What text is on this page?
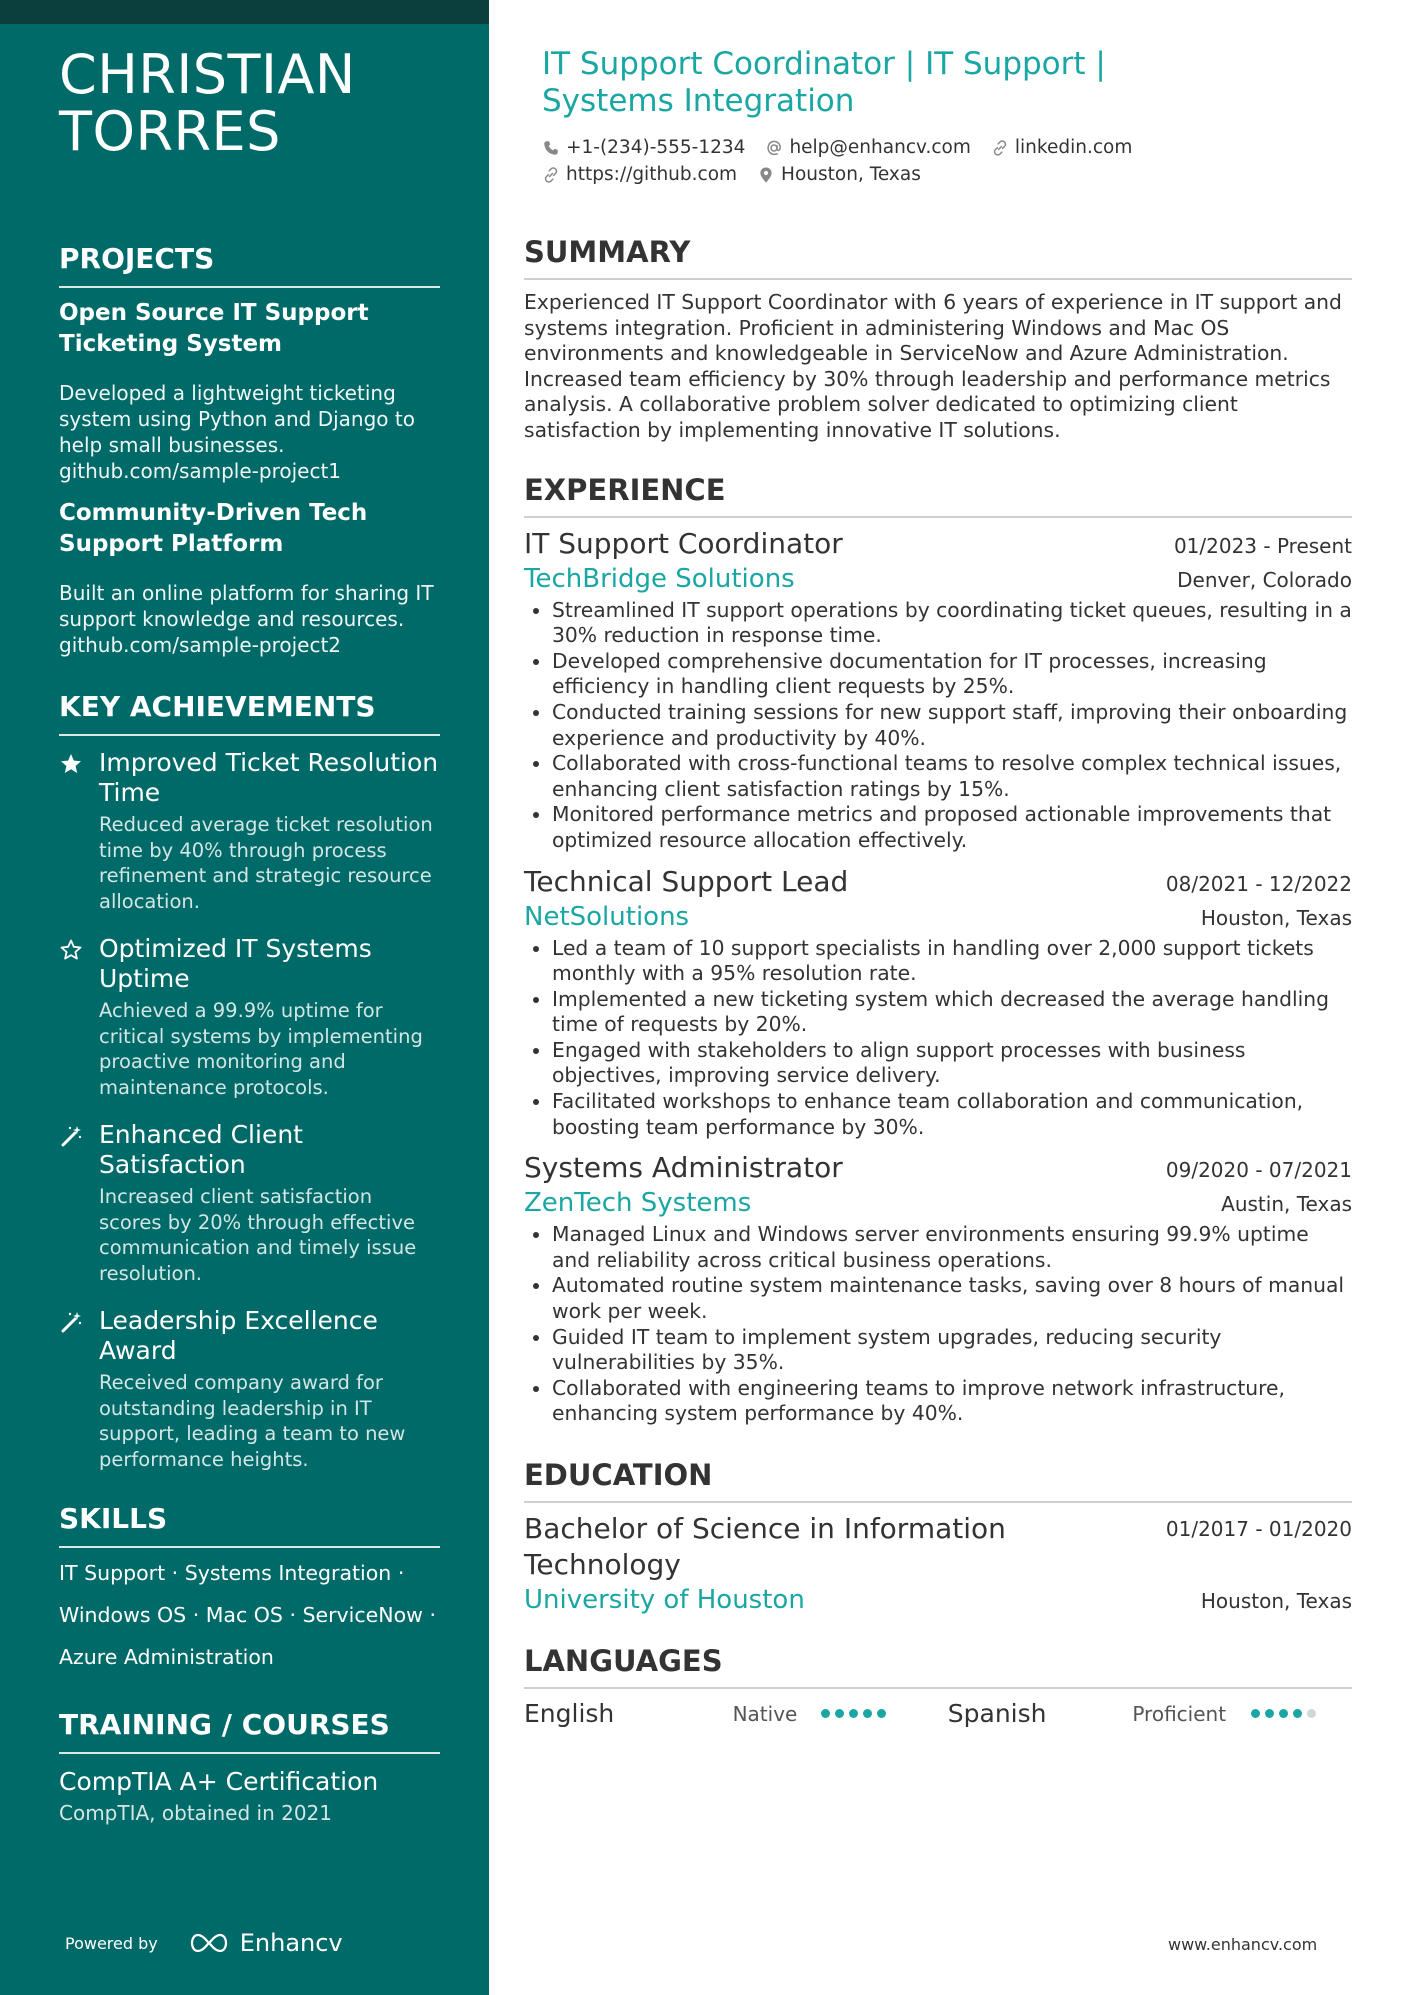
CHRISTIAN
TORRES
PROJECTS
Open Source IT Support Ticketing System
Developed a lightweight ticketing system using Python and Django to help small businesses.
github.com/sample-project1
Community-Driven Tech Support Platform
Built an online platform for sharing IT support knowledge and resources.
github.com/sample-project2
KEY ACHIEVEMENTS
Improved Ticket Resolution Time
Reduced average ticket resolution time by 40% through process refinement and strategic resource allocation.
Optimized IT Systems Uptime
Achieved a 99.9% uptime for critical systems by implementing proactive monitoring and maintenance protocols.
Enhanced Client Satisfaction
Increased client satisfaction scores by 20% through effective communication and timely issue resolution.
Leadership Excellence Award
Received company award for outstanding leadership in IT support, leading a team to new performance heights.
SKILLS
IT Support · Systems Integration ·
Windows OS · Mac OS · ServiceNow ·
Azure Administration
TRAINING / COURSES
CompTIA A+ Certification
CompTIA, obtained in 2021
Powered by	Enhancv
IT Support Coordinator | IT Support | Systems Integration
+1-(234)-555-1234 help@enhancv.com linkedin.com
https://github.com Houston, Texas
SUMMARY
Experienced IT Support Coordinator with 6 years of experience in IT support and systems integration. Proficient in administering Windows and Mac OS environments and knowledgeable in ServiceNow and Azure Administration. Increased team efficiency by 30% through leadership and performance metrics analysis. A collaborative problem solver dedicated to optimizing client satisfaction by implementing innovative IT solutions.
EXPERIENCE
IT Support Coordinator	01/2023 - Present
TechBridge Solutions	Denver, Colorado
• Streamlined IT support operations by coordinating ticket queues, resulting in a 30% reduction in response time.
• Developed comprehensive documentation for IT processes, increasing efficiency in handling client requests by 25%.
• Conducted training sessions for new support staff, improving their onboarding experience and productivity by 40%.
• Collaborated with cross-functional teams to resolve complex technical issues, enhancing client satisfaction ratings by 15%.
• Monitored performance metrics and proposed actionable improvements that optimized resource allocation effectively.
Technical Support Lead	08/2021 - 12/2022
NetSolutions	Houston, Texas
• Led a team of 10 support specialists in handling over 2,000 support tickets monthly with a 95% resolution rate.
• Implemented a new ticketing system which decreased the average handling time of requests by 20%.
• Engaged with stakeholders to align support processes with business objectives, improving service delivery.
• Facilitated workshops to enhance team collaboration and communication, boosting team performance by 30%.
Systems Administrator	09/2020 - 07/2021
ZenTech Systems	Austin, Texas
• Managed Linux and Windows server environments ensuring 99.9% uptime and reliability across critical business operations.
• Automated routine system maintenance tasks, saving over 8 hours of manual work per week.
• Guided IT team to implement system upgrades, reducing security vulnerabilities by 35%.
• Collaborated with engineering teams to improve network infrastructure, enhancing system performance by 40%.
EDUCATION
Bachelor of Science in Information Technology
01/2017 - 01/2020
University of Houston	Houston, Texas
LANGUAGES
English	Native	Spanish	Proficient
www.enhancv.com
